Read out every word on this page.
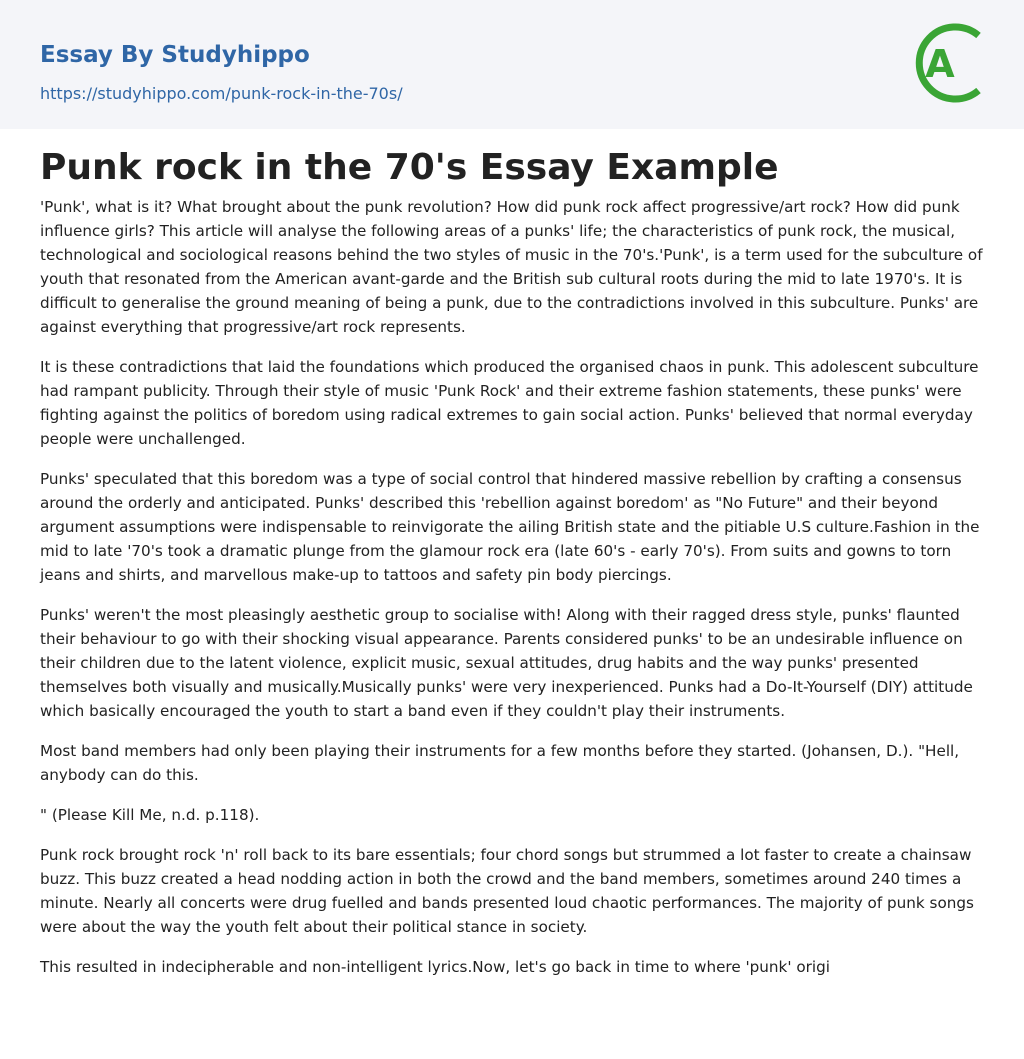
Essay By Studyhippo
https://studyhippo.com/punk-rock-in-the-70s/
A
Punk rock in the 70's Essay Example

'Punk', what is it? What brought about the punk revolution? How did punk rock affect progressive/art rock? How did punk influence girls? This article will analyse the following areas of a punks' life; the characteristics of punk rock, the musical, technological and sociological reasons behind the two styles of music in the 70's.'Punk', is a term used for the subculture of youth that resonated from the American avant-garde and the British sub cultural roots during the mid to late 1970's. It is difficult to generalise the ground meaning of being a punk, due to the contradictions involved in this subculture. Punks' are against everything that progressive/art rock represents.

It is these contradictions that laid the foundations which produced the organised chaos in punk. This adolescent subculture had rampant publicity. Through their style of music 'Punk Rock' and their extreme fashion statements, these punks' were fighting against the politics of boredom using radical extremes to gain social action. Punks' believed that normal everyday people were unchallenged.

Punks' speculated that this boredom was a type of social control that hindered massive rebellion by crafting a consensus around the orderly and anticipated. Punks' described this 'rebellion against boredom' as "No Future" and their beyond argument assumptions were indispensable to reinvigorate the ailing British state and the pitiable U.S culture.Fashion in the mid to late '70's took a dramatic plunge from the glamour rock era (late 60's - early 70's). From suits and gowns to torn jeans and shirts, and marvellous make-up to tattoos and safety pin body piercings.

Punks' weren't the most pleasingly aesthetic group to socialise with! Along with their ragged dress style, punks' flaunted their behaviour to go with their shocking visual appearance. Parents considered punks' to be an undesirable influence on their children due to the latent violence, explicit music, sexual attitudes, drug habits and the way punks' presented themselves both visually and musically.Musically punks' were very inexperienced. Punks had a Do-It-Yourself (DIY) attitude which basically encouraged the youth to start a band even if they couldn't play their instruments.

Most band members had only been playing their instruments for a few months before they started. (Johansen, D.). "Hell, anybody can do this.

" (Please Kill Me, n.d. p.118).

Punk rock brought rock 'n' roll back to its bare essentials; four chord songs but strummed a lot faster to create a chainsaw buzz. This buzz created a head nodding action in both the crowd and the band members, sometimes around 240 times a minute. Nearly all concerts were drug fuelled and bands presented loud chaotic performances. The majority of punk songs were about the way the youth felt about their political stance in society.

This resulted in indecipherable and non-intelligent lyrics.Now, let's go back in time to where 'punk' origi
